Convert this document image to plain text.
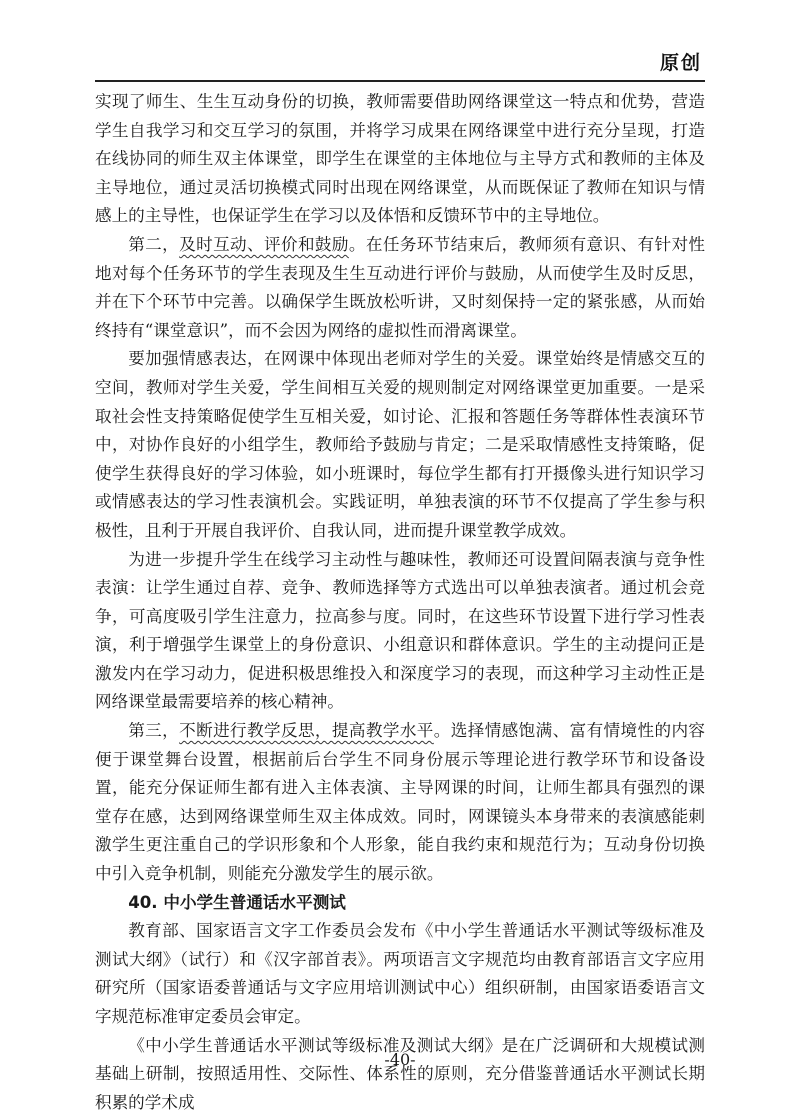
原创

实现了师生、生生互动身份的切换，教师需要借助网络课堂这一特点和优势，营造学生自我学习和交互学习的氛围，并将学习成果在网络课堂中进行充分呈现，打造在线协同的师生双主体课堂，即学生在课堂的主体地位与主导方式和教师的主体及主导地位，通过灵活切换模式同时出现在网络课堂，从而既保证了教师在知识与情感上的主导性，也保证学生在学习以及体悟和反馈环节中的主导地位。

第二，及时互动、评价和鼓励。在任务环节结束后，教师须有意识、有针对性地对每个任务环节的学生表现及生生互动进行评价与鼓励，从而使学生及时反思，并在下个环节中完善。以确保学生既放松听讲，又时刻保持一定的紧张感，从而始终持有“课堂意识”，而不会因为网络的虚拟性而滑离课堂。

要加强情感表达，在网课中体现出老师对学生的关爱。课堂始终是情感交互的空间，教师对学生关爱，学生间相互关爱的规则制定对网络课堂更加重要。一是采取社会性支持策略促使学生互相关爱，如讨论、汇报和答题任务等群体性表演环节中，对协作良好的小组学生，教师给予鼓励与肯定；二是采取情感性支持策略，促使学生获得良好的学习体验，如小班课时，每位学生都有打开摄像头进行知识学习或情感表达的学习性表演机会。实践证明，单独表演的环节不仅提高了学生参与积极性，且利于开展自我评价、自我认同，进而提升课堂教学成效。

为进一步提升学生在线学习主动性与趣味性，教师还可设置间隔表演与竞争性表演：让学生通过自荐、竞争、教师选择等方式选出可以单独表演者。通过机会竞争，可高度吸引学生注意力，拉高参与度。同时，在这些环节设置下进行学习性表演，利于增强学生课堂上的身份意识、小组意识和群体意识。学生的主动提问正是激发内在学习动力，促进积极思维投入和深度学习的表现，而这种学习主动性正是网络课堂最需要培养的核心精神。

第三，不断进行教学反思，提高教学水平。选择情感饱满、富有情境性的内容便于课堂舞台设置，根据前后台学生不同身份展示等理论进行教学环节和设备设置，能充分保证师生都有进入主体表演、主导网课的时间，让师生都具有强烈的课堂存在感，达到网络课堂师生双主体成效。同时，网课镜头本身带来的表演感能刺激学生更注重自己的学识形象和个人形象，能自我约束和规范行为；互动身份切换中引入竞争机制，则能充分激发学生的展示欲。

40. 中小学生普通话水平测试

教育部、国家语言文字工作委员会发布《中小学生普通话水平测试等级标准及测试大纲》（试行）和《汉字部首表》。两项语言文字规范均由教育部语言文字应用研究所（国家语委普通话与文字应用培训测试中心）组织研制，由国家语委语言文字规范标准审定委员会审定。

《中小学生普通话水平测试等级标准及测试大纲》是在广泛调研和大规模试测基础上研制，按照适用性、交际性、体系性的原则，充分借鉴普通话水平测试长期积累的学术成

-40-
